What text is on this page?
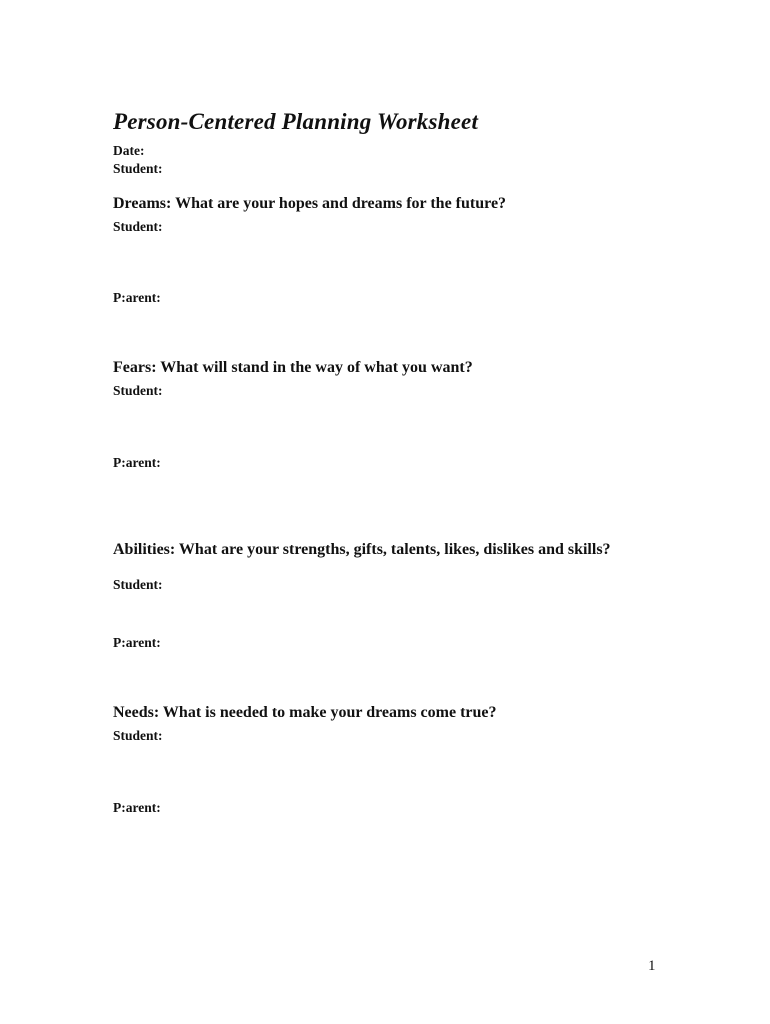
Person-Centered Planning Worksheet
Date:
Student:
Dreams: What are your hopes and dreams for the future?
Student:
P:arent:
Fears: What will stand in the way of what you want?
Student:
P:arent:
Abilities: What are your strengths, gifts, talents, likes, dislikes and skills?
Student:
P:arent:
Needs: What is needed to make your dreams come true?
Student:
P:arent:
1
